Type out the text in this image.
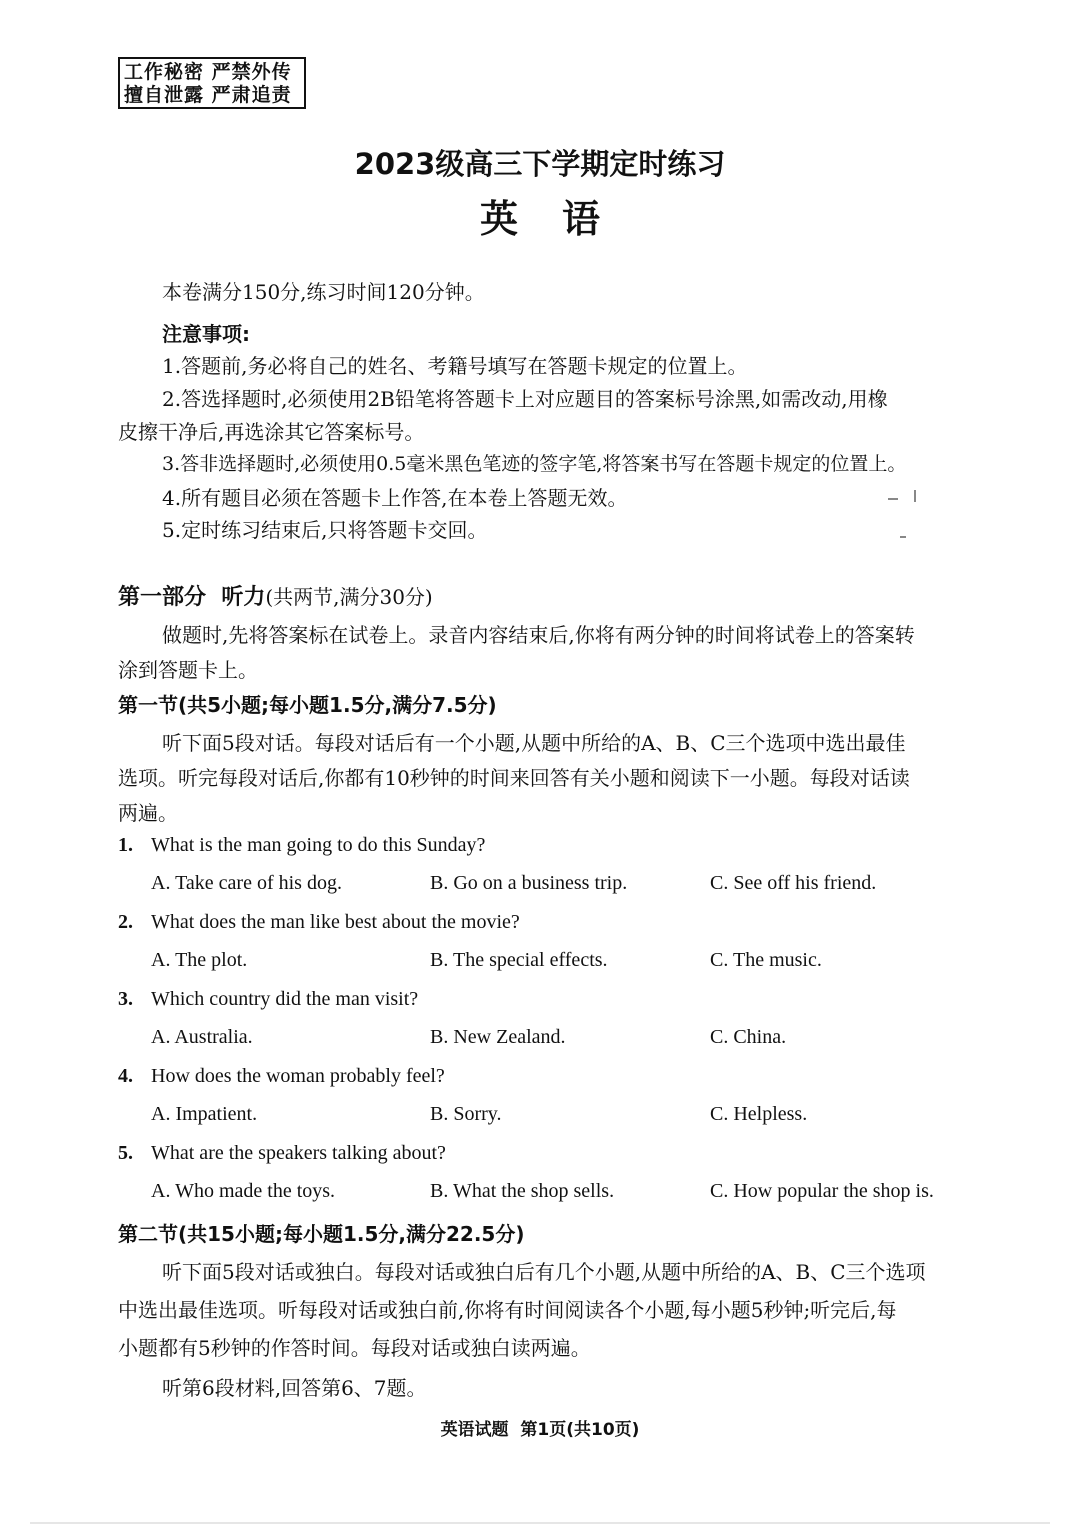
工作秘密 严禁外传
擅自泄露 严肃追责
2023级高三下学期定时练习
英语
本卷满分150分,练习时间120分钟。
注意事项:
1.答题前,务必将自己的姓名、考籍号填写在答题卡规定的位置上。
2.答选择题时,必须使用2B铅笔将答题卡上对应题目的答案标号涂黑,如需改动,用橡
皮擦干净后,再选涂其它答案标号。
3.答非选择题时,必须使用0.5毫米黑色笔迹的签字笔,将答案书写在答题卡规定的位置上。
4.所有题目必须在答题卡上作答,在本卷上答题无效。
5.定时练习结束后,只将答题卡交回。
第一部分  听力(共两节,满分30分)
做题时,先将答案标在试卷上。录音内容结束后,你将有两分钟的时间将试卷上的答案转
涂到答题卡上。
第一节(共5小题;每小题1.5分,满分7.5分)
听下面5段对话。每段对话后有一个小题,从题中所给的A、B、C三个选项中选出最佳
选项。听完每段对话后,你都有10秒钟的时间来回答有关小题和阅读下一小题。每段对话读
两遍。
1. What is the man going to do this Sunday?
A. Take care of his dog.	B. Go on a business trip.	C. See off his friend.
2. What does the man like best about the movie?
A. The plot.	B. The special effects.	C. The music.
3. Which country did the man visit?
A. Australia.	B. New Zealand.	C. China.
4. How does the woman probably feel?
A. Impatient.	B. Sorry.	C. Helpless.
5. What are the speakers talking about?
A. Who made the toys.	B. What the shop sells.	C. How popular the shop is.
第二节(共15小题;每小题1.5分,满分22.5分)
听下面5段对话或独白。每段对话或独白后有几个小题,从题中所给的A、B、C三个选项
中选出最佳选项。听每段对话或独白前,你将有时间阅读各个小题,每小题5秒钟;听完后,每
小题都有5秒钟的作答时间。每段对话或独白读两遍。
听第6段材料,回答第6、7题。
英语试题  第1页(共10页)
